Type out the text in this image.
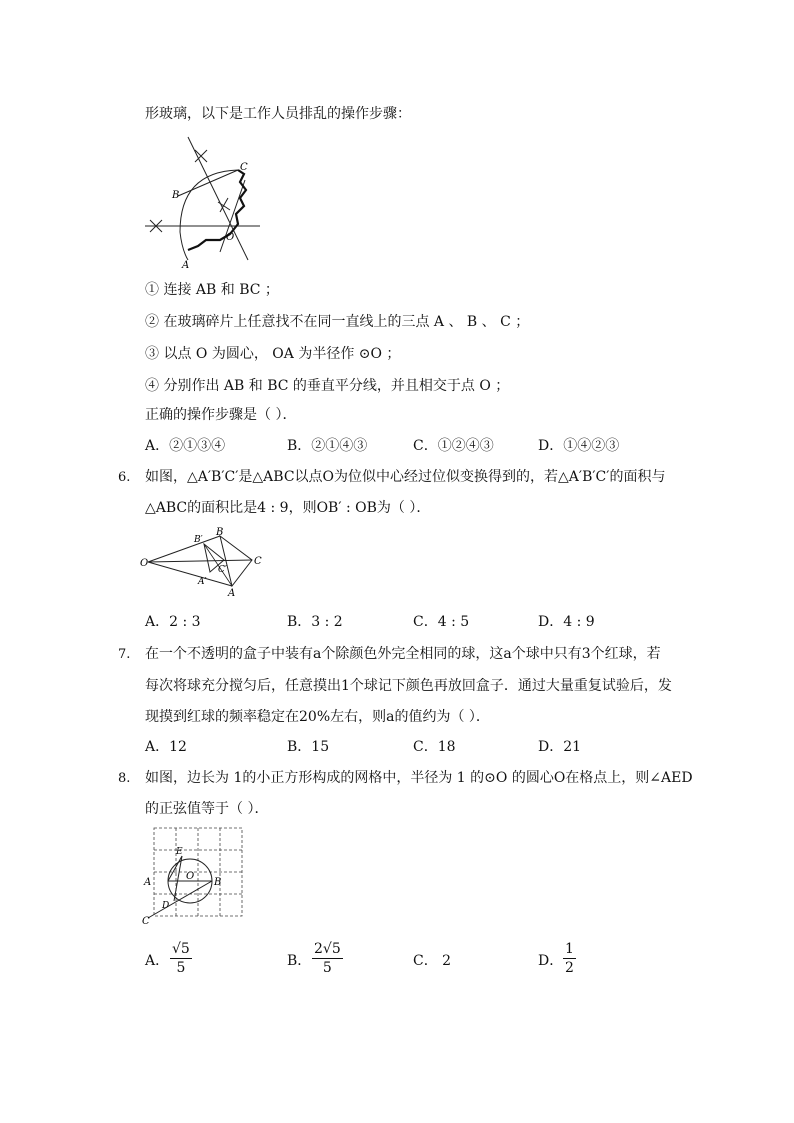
形玻璃，以下是工作人员排乱的操作步骤：
C
B
O
A
① 连接 AB 和 BC ；
② 在玻璃碎片上任意找不在同一直线上的三点 A 、 B 、 C ；
③ 以点 O 为圆心， OA 为半径作 ⊙O ；
④ 分别作出 AB 和 BC 的垂直平分线，并且相交于点 O ；
正确的操作步骤是（ ）．
A．②①③④	B．②①④③	C．①②④③	D．①④②③
6. 如图，△A′B′C′是△ABC以点O为位似中心经过位似变换得到的，若△A′B′C′的面积与
△ABC的面积比是4 : 9，则OB′ : OB为（ ）．
O
B′
B
C′
C
A′
A
A．2 : 3	B．3 : 2	C．4 : 5	D．4 : 9
7. 在一个不透明的盒子中装有a个除颜色外完全相同的球，这a个球中只有3个红球，若
每次将球充分搅匀后，任意摸出1个球记下颜色再放回盒子．通过大量重复试验后，发
现摸到红球的频率稳定在20%左右，则a的值约为（ ）．
A．12	B．15	C．18	D．21
8. 如图，边长为 1的小正方形构成的网格中，半径为 1 的⊙O 的圆心O在格点上，则∠AED
的正弦值等于（ ）．
E
A
O
B
D
C
A． $\frac{√5}{5}$	B． $\frac{2√5}{5}$	C． 2	D． $\frac{1}{2}$
